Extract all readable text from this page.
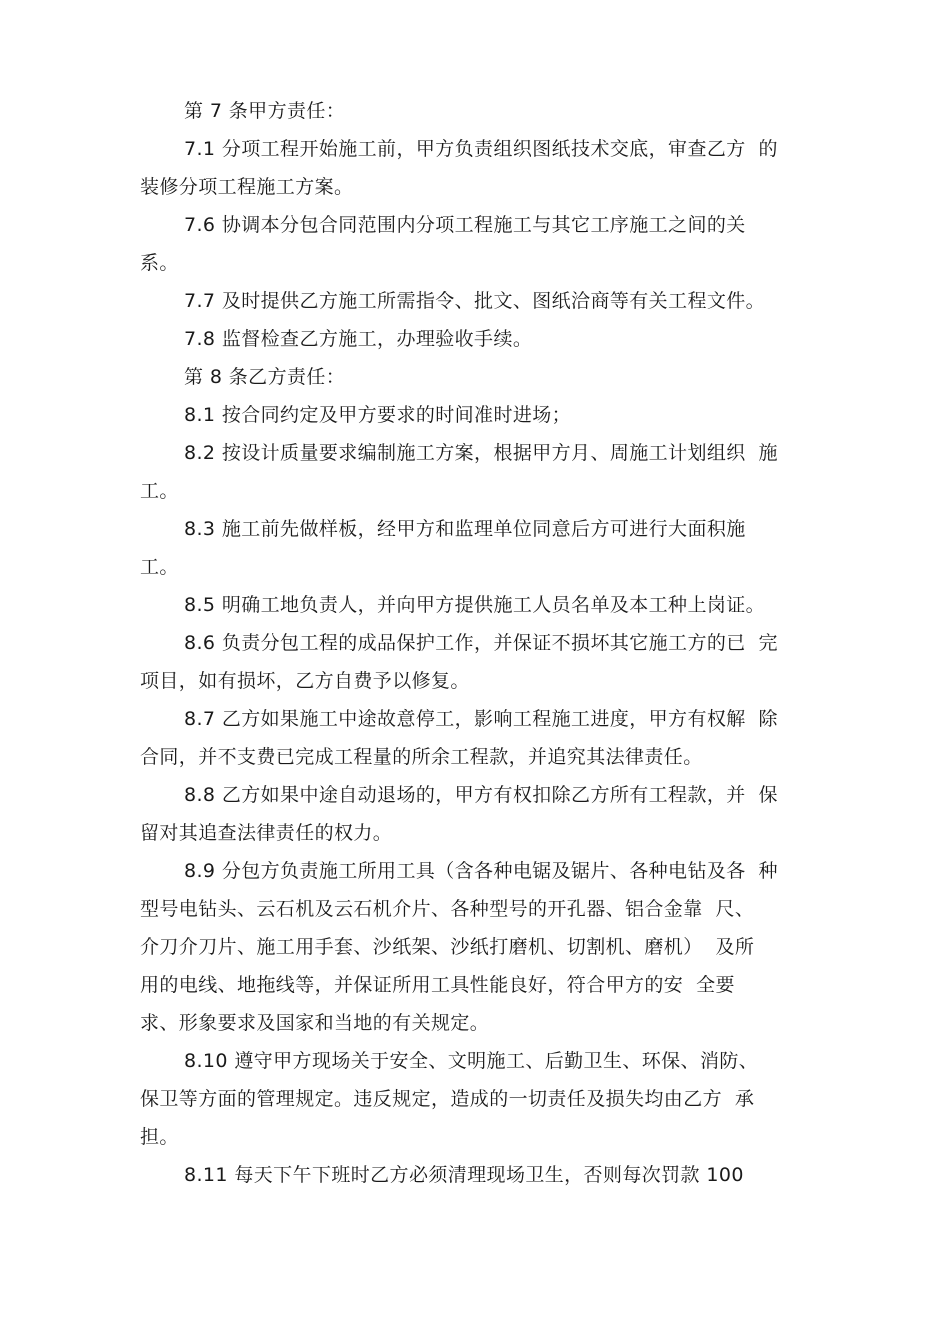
第 7 条甲方责任：
7.1 分项工程开始施工前，甲方负责组织图纸技术交底，审查乙方  的
装修分项工程施工方案。
7.6 协调本分包合同范围内分项工程施工与其它工序施工之间的关
系。
7.7 及时提供乙方施工所需指令、批文、图纸洽商等有关工程文件。
7.8 监督检查乙方施工，办理验收手续。
第 8 条乙方责任：
8.1 按合同约定及甲方要求的时间准时进场；
8.2 按设计质量要求编制施工方案，根据甲方月、周施工计划组织  施
工。
8.3 施工前先做样板，经甲方和监理单位同意后方可进行大面积施
工。
8.5 明确工地负责人，并向甲方提供施工人员名单及本工种上岗证。
8.6 负责分包工程的成品保护工作，并保证不损坏其它施工方的已  完
项目，如有损坏，乙方自费予以修复。
8.7 乙方如果施工中途故意停工，影响工程施工进度，甲方有权解  除
合同，并不支费已完成工程量的所余工程款，并追究其法律责任。
8.8 乙方如果中途自动退场的，甲方有权扣除乙方所有工程款，并  保
留对其追查法律责任的权力。
8.9 分包方负责施工所用工具（含各种电锯及锯片、各种电钻及各  种
型号电钻头、云石机及云石机介片、各种型号的开孔器、铝合金靠  尺、
介刀介刀片、施工用手套、沙纸架、沙纸打磨机、切割机、磨机）  及所
用的电线、地拖线等，并保证所用工具性能良好，符合甲方的安  全要
求、形象要求及国家和当地的有关规定。
8.10 遵守甲方现场关于安全、文明施工、后勤卫生、环保、消防、
保卫等方面的管理规定。违反规定，造成的一切责任及损失均由乙方  承
担。
8.11 每天下午下班时乙方必须清理现场卫生，否则每次罚款 100
